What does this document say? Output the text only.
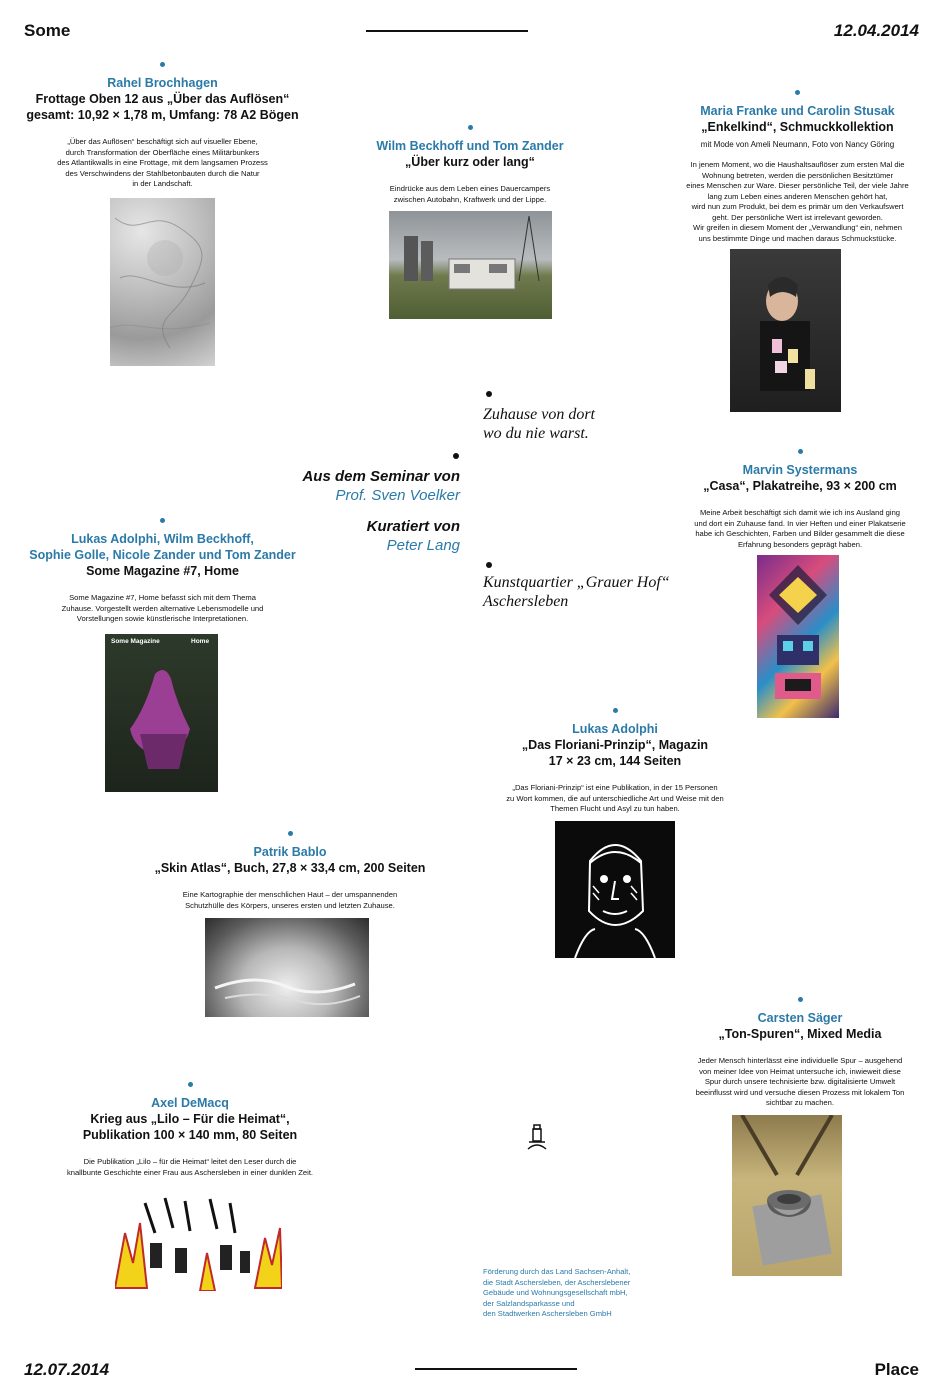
Some	12.04.2014
Rahel Brochhagen
Frottage Oben 12 aus „Über das Auflösen“
gesamt: 10,92 × 1,78 m, Umfang: 78 A2 Bögen
„Über das Auflösen“ beschäftigt sich auf visueller Ebene,
durch Transformation der Oberfläche eines Militärbunkers
des Atlantikwalls in eine Frottage, mit dem langsamen Prozess
des Verschwindens der Stahlbetonbauten durch die Natur
in der Landschaft.
Wilm Beckhoff und Tom Zander
„Über kurz oder lang“
Eindrücke aus dem Leben eines Dauercampers
zwischen Autobahn, Kraftwerk und der Lippe.
Maria Franke und Carolin Stusak
„Enkelkind“, Schmuckkollektion
mit Mode von Ameli Neumann, Foto von Nancy Göring
In jenem Moment, wo die Haushaltsauflöser zum ersten Mal die
Wohnung betreten, werden die persönlichen Besitztümer
eines Menschen zur Ware. Dieser persönliche Teil, der viele Jahre
lang zum Leben eines anderen Menschen gehört hat,
wird nun zum Produkt, bei dem es primär um den Verkaufswert
geht. Der persönliche Wert ist irrelevant geworden.
Wir greifen in diesem Moment der „Verwandlung“ ein, nehmen
uns bestimmte Dinge und machen daraus Schmuckstücke.
Zuhause von dort
wo du nie warst.
Aus dem Seminar von
Prof. Sven Voelker
Kuratiert von
Peter Lang
Kunstquartier „Grauer Hof“
Aschersleben
Marvin Systermans
„Casa“, Plakatreihe, 93 × 200 cm
Meine Arbeit beschäftigt sich damit wie ich ins Ausland ging
und dort ein Zuhause fand. In vier Heften und einer Plakatserie
habe ich Geschichten, Farben und Bilder gesammelt die diese
Erfahrung besonders geprägt haben.
Lukas Adolphi, Wilm Beckhoff,
Sophie Golle, Nicole Zander und Tom Zander
Some Magazine #7, Home
Some Magazine #7, Home befasst sich mit dem Thema
Zuhause. Vorgestellt werden alternative Lebensmodelle und
Vorstellungen sowie künstlerische Interpretationen.
Some Magazine	Home
Lukas Adolphi
„Das Floriani-Prinzip“, Magazin
17 × 23 cm, 144 Seiten
„Das Floriani-Prinzip“ ist eine Publikation, in der 15 Personen
zu Wort kommen, die auf unterschiedliche Art und Weise mit den
Themen Flucht und Asyl zu tun haben.
Patrik Bablo
„Skin Atlas“, Buch, 27,8 × 33,4 cm, 200 Seiten
Eine Kartographie der menschlichen Haut – der umspannenden
Schutzhülle des Körpers, unseres ersten und letzten Zuhause.
Carsten Säger
„Ton-Spuren“, Mixed Media
Jeder Mensch hinterlässt eine individuelle Spur – ausgehend
von meiner Idee von Heimat untersuche ich, inwieweit diese
Spur durch unsere technisierte bzw. digitalisierte Umwelt
beeinflusst wird und versuche diesen Prozess mit lokalem Ton
sichtbar zu machen.
Axel DeMacq
Krieg aus „Lilo – Für die Heimat“,
Publikation 100 × 140 mm, 80 Seiten
Die Publikation „Lilo – für die Heimat“ leitet den Leser durch die
knallbunte Geschichte einer Frau aus Aschersleben in einer dunklen Zeit.
Förderung durch das Land Sachsen-Anhalt,
die Stadt Aschersleben, der Ascherslebener
Gebäude und Wohnungsgesellschaft mbH,
der Salzlandsparkasse und
den Stadtwerken Aschersleben GmbH
12.07.2014	Place
